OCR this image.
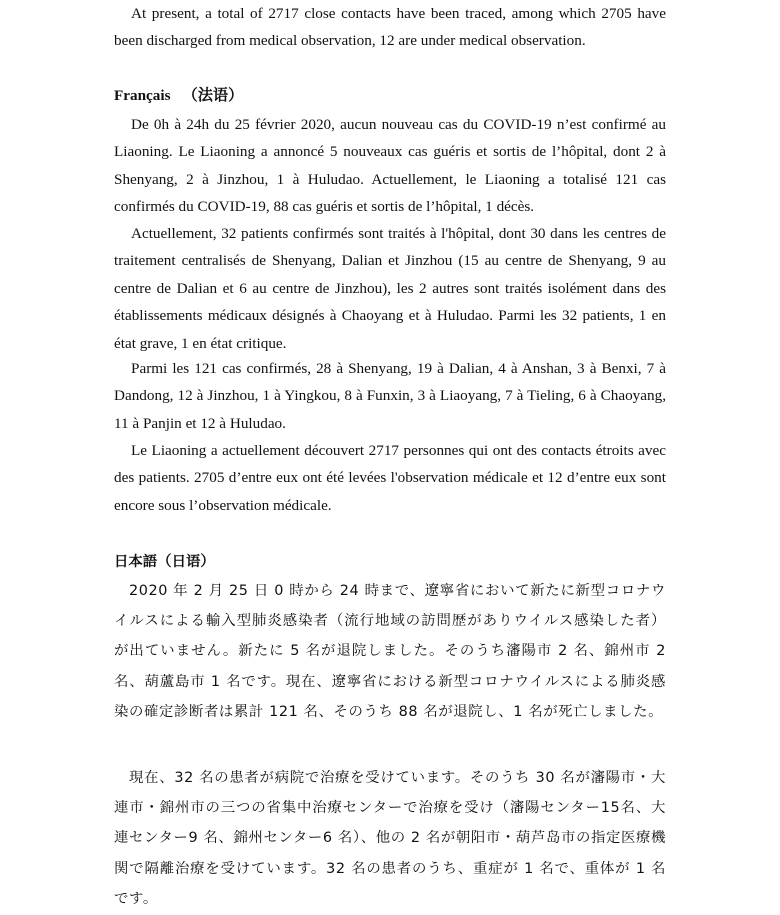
At present, a total of 2717 close contacts have been traced, among which 2705 have been discharged from medical observation, 12 are under medical observation.

Français （法语）

De 0h à 24h du 25 février 2020, aucun nouveau cas du COVID-19 n’est confirmé au Liaoning. Le Liaoning a annoncé 5 nouveaux cas guéris et sortis de l’hôpital, dont 2 à Shenyang, 2 à Jinzhou, 1 à Huludao. Actuellement, le Liaoning a totalisé 121 cas confirmés du COVID-19, 88 cas guéris et sortis de l’hôpital, 1 décès.

Actuellement, 32 patients confirmés sont traités à l'hôpital, dont 30 dans les centres de traitement centralisés de Shenyang, Dalian et Jinzhou (15 au centre de Shenyang, 9 au centre de Dalian et 6 au centre de Jinzhou), les 2 autres sont traités isolément dans des établissements médicaux désignés à Chaoyang et à Huludao. Parmi les 32 patients, 1 en état grave, 1 en état critique.

Parmi les 121 cas confirmés, 28 à Shenyang, 19 à Dalian, 4 à Anshan, 3 à Benxi, 7 à Dandong, 12 à Jinzhou, 1 à Yingkou, 8 à Funxin, 3 à Liaoyang, 7 à Tieling, 6 à Chaoyang, 11 à Panjin et 12 à Huludao.

Le Liaoning a actuellement découvert 2717 personnes qui ont des contacts étroits avec des patients. 2705 d’entre eux ont été levées l'observation médicale et 12 d’entre eux sont encore sous l’observation médicale.

日本語（日语）

2020 年 2 月 25 日 0 時から 24 時まで、遼寧省において新たに新型コロナウイルスによる輸入型肺炎感染者（流行地域の訪問歴がありウイルス感染した者）が出ていません。新たに 5 名が退院しました。そのうち瀋陽市 2 名、錦州市 2 名、葫蘆島市 1 名です。現在、遼寧省における新型コロナウイルスによる肺炎感染の確定診断者は累計 121 名、そのうち 88 名が退院し、1 名が死亡しました。

現在、32 名の患者が病院で治療を受けています。そのうち 30 名が瀋陽市・大連市・錦州市の三つの省集中治療センターで治療を受け（瀋陽センター15名、大連センター9 名、錦州センター6 名）、他の 2 名が朝阳市・葫芦岛市の指定医療機関で隔離治療を受けています。32 名の患者のうち、重症が 1 名で、重体が 1 名です。
